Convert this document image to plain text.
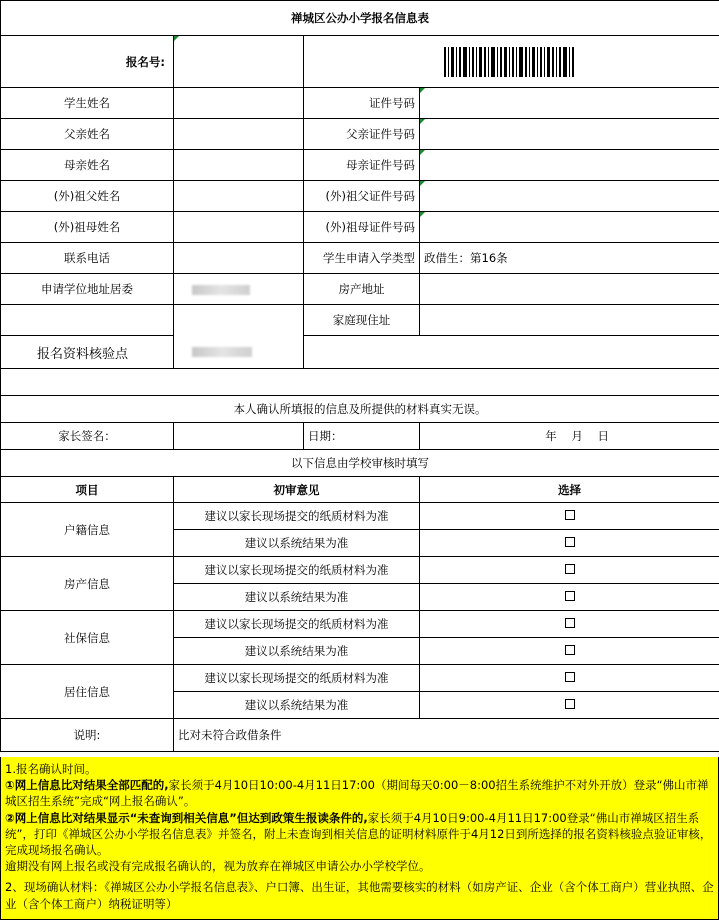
禅城区公办小学报名信息表			
报名号:			

学生姓名		证件号码	
父亲姓名		父亲证件号码	
母亲姓名		母亲证件号码	
(外)祖父姓名		(外)祖父证件号码	
(外)祖母姓名		(外)祖母证件号码	
联系电话		学生申请入学类型	政借生：第16条
申请学位地址居委		房产地址	
		家庭现住址	
报名资料核验点			

本人确认所填报的信息及所提供的材料真实无误。			
家长签名：		日期：	年    月    日
以下信息由学校审核时填写			
项目	初审意见		选择
户籍信息	建议以家长现场提交的纸质材料为准		
	建议以系统结果为准		
房产信息	建议以家长现场提交的纸质材料为准		
	建议以系统结果为准		
社保信息	建议以家长现场提交的纸质材料为准		
	建议以系统结果为准		
居住信息	建议以家长现场提交的纸质材料为准		
	建议以系统结果为准		
说明:	比对未符合政借条件		

1.报名确认时间。

①网上信息比对结果全部匹配的,家长须于4月10日10:00-4月11日17:00（期间每天0:00－8:00招生系统维护不对外开放）登录“佛山市禅城区招生系统”完成“网上报名确认”。

②网上信息比对结果显示“未查询到相关信息”但达到政策生报读条件的,家长须于4月10日9:00-4月11日17:00登录“佛山市禅城区招生系统”，打印《禅城区公办小学报名信息表》并签名，附上未查询到相关信息的证明材料原件于4月12日到所选择的报名资料核验点验证审核，完成现场报名确认。

逾期没有网上报名或没有完成报名确认的，视为放弃在禅城区申请公办小学校学位。

2、现场确认材料：《禅城区公办小学报名信息表》、户口簿、出生证，其他需要核实的材料（如房产证、企业（含个体工商户）营业执照、企业（含个体工商户）纳税证明等）
